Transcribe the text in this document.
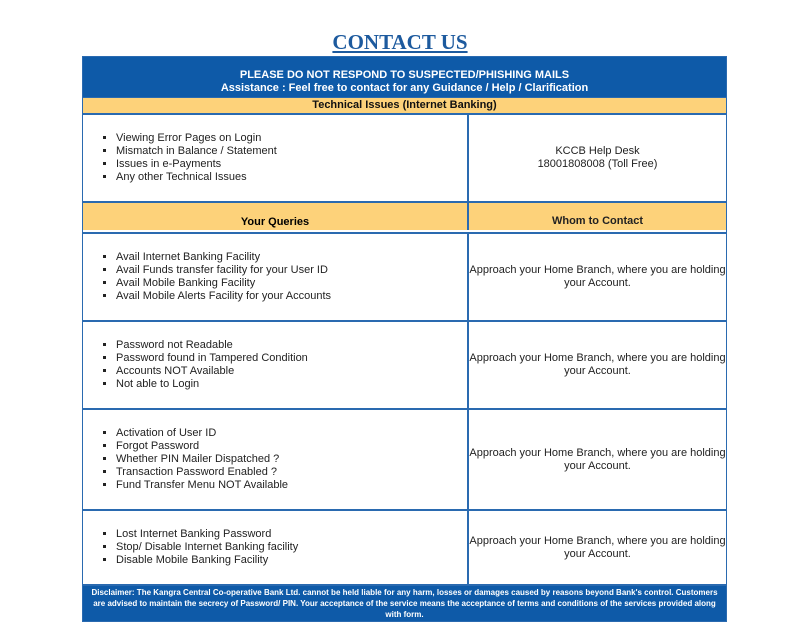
CONTACT US
PLEASE DO NOT RESPOND TO SUSPECTED/PHISHING MAILS
Assistance : Feel free to contact for any Guidance / Help / Clarification
Technical Issues (Internet Banking)
▪ Viewing Error Pages on Login
▪ Mismatch in Balance / Statement
▪ Issues in e-Payments
▪ Any other Technical Issues
KCCB Help Desk
18001808008 (Toll Free)
Your Queries	Whom to Contact
▪ Avail Internet Banking Facility
▪ Avail Funds transfer facility for your User ID
▪ Avail Mobile Banking Facility
▪ Avail Mobile Alerts Facility for your Accounts
Approach your Home Branch, where you are holding your Account.
▪ Password not Readable
▪ Password found in Tampered Condition
▪ Accounts NOT Available
▪ Not able to Login
Approach your Home Branch, where you are holding your Account.
▪ Activation of User ID
▪ Forgot Password
▪ Whether PIN Mailer Dispatched ?
▪ Transaction Password Enabled ?
▪ Fund Transfer Menu NOT Available
Approach your Home Branch, where you are holding your Account.
▪ Lost Internet Banking Password
▪ Stop/ Disable Internet Banking facility
▪ Disable Mobile Banking Facility
Approach your Home Branch, where you are holding your Account.
Disclaimer: The Kangra Central Co-operative Bank Ltd. cannot be held liable for any harm, losses or damages caused by reasons beyond Bank's control. Customers are advised to maintain the secrecy of Password/ PIN. Your acceptance of the service means the acceptance of terms and conditions of the services provided along with form.
